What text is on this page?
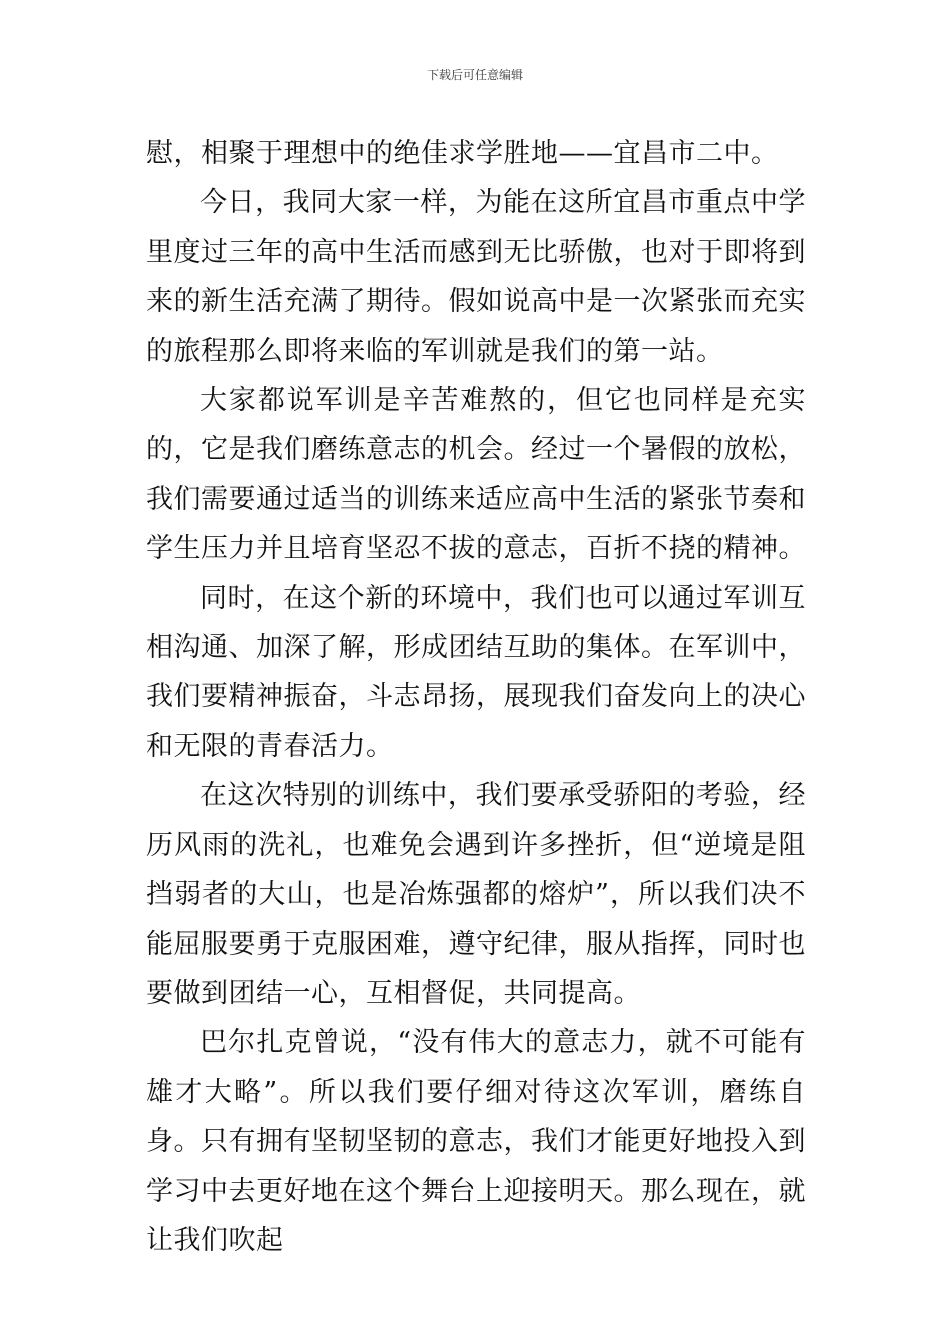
下载后可任意编辑

慰，相聚于理想中的绝佳求学胜地——宜昌市二中。

今日，我同大家一样，为能在这所宜昌市重点中学里度过三年的高中生活而感到无比骄傲，也对于即将到来的新生活充满了期待。假如说高中是一次紧张而充实的旅程那么即将来临的军训就是我们的第一站。

大家都说军训是辛苦难熬的，但它也同样是充实的，它是我们磨练意志的机会。经过一个暑假的放松，我们需要通过适当的训练来适应高中生活的紧张节奏和学生压力并且培育坚忍不拔的意志，百折不挠的精神。

同时，在这个新的环境中，我们也可以通过军训互相沟通、加深了解，形成团结互助的集体。在军训中，我们要精神振奋，斗志昂扬，展现我们奋发向上的决心和无限的青春活力。

在这次特别的训练中，我们要承受骄阳的考验，经历风雨的洗礼，也难免会遇到许多挫折，但“逆境是阻挡弱者的大山，也是冶炼强都的熔炉”，所以我们决不能屈服要勇于克服困难，遵守纪律，服从指挥，同时也要做到团结一心，互相督促，共同提高。

巴尔扎克曾说，“没有伟大的意志力，就不可能有雄才大略”。所以我们要仔细对待这次军训，磨练自身。只有拥有坚韧坚韧的意志，我们才能更好地投入到学习中去更好地在这个舞台上迎接明天。那么现在，就让我们吹起
